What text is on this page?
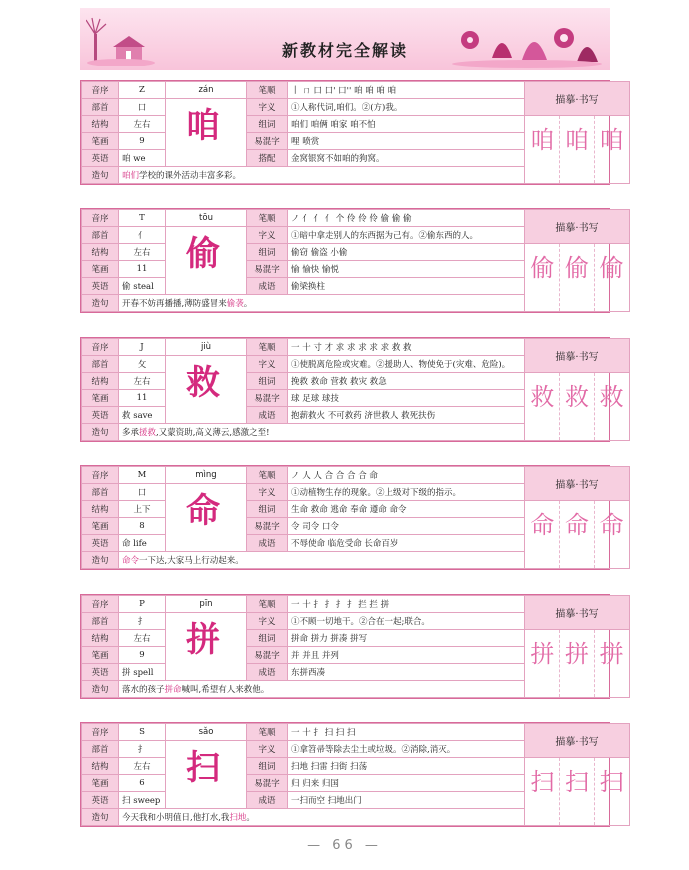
新教材完全解读
音序	Z	zán	笔顺	丨 ㄇ 口 口' 口'' 咱 咱 咱 咱	描摹·书写
部首	口	咱	字义	①人称代词,咱们。②(方)我。	
结构	左右		组词	咱们 咱俩 咱家 咱不怕	咱 咱 咱

笔画	9		易混字	哩 喷赏	
英语	咱 we		搭配	金窝银窝不如咱的狗窝。	
造句	咱们学校的课外活动丰富多彩。				
音序	T	tōu	笔顺	ノ 亻 亻 亻 个 伶 伶 伶 偷 偷 偷	描摹·书写
部首	亻	偷	字义	①暗中拿走别人的东西据为己有。②偷东西的人。	
结构	左右		组词	偷窃 偷盗 小偷	偷 偷 偷

笔画	11		易混字	愉 愉快 愉悦	
英语	偷 steal		成语	偷梁换柱	
造句	开春不妨再播播,薄防盛冒来偷袭。				
音序	J	jiù	笔顺	一 十 寸 才 求 求 求 求 求 救 救	描摹·书写
部首	攵	救	字义	①使脱离危险或灾难。②援助人、物使免于(灾难、危险)。	
结构	左右		组词	挽救 救命 营救 救灾 救急	救 救 救

笔画	11		易混字	球 足球 球技	
英语	救 save		成语	抱薪救火 不可救药 济世救人 救死扶伤	
造句	多承援救,又蒙资助,高义薄云,感激之至!				
音序	M	mìng	笔顺	ノ 人 人 合 合 合 合 命	描摹·书写
部首	口	命	字义	①动植物生存的现象。②上级对下级的指示。	
结构	上下		组词	生命 救命 逃命 奉命 遵命 命令	命 命 命

笔画	8		易混字	令 司令 口令	
英语	命 life		成语	不辱使命 临危受命 长命百岁	
造句	命令一下达,大家马上行动起来。				
音序	P	pīn	笔顺	一 十 扌 扌 扌 扌 拦 拦 拼	描摹·书写
部首	扌	拼	字义	①不顾一切地干。②合在一起;联合。	
结构	左右		组词	拼命 拼力 拼凑 拼写	拼 拼 拼

笔画	9		易混字	并 并且 并列	
英语	拼 spell		成语	东拼西凑	
造句	落水的孩子拼命喊叫,希望有人来救他。				
音序	S	sǎo	笔顺	一 十 扌 扫 扫 扫	描摹·书写
部首	扌	扫	字义	①拿笤帚等除去尘土或垃圾。②消除,消灭。	
结构	左右		组词	扫地 扫雷 扫街 扫荡	扫 扫 扫

笔画	6		易混字	归 归来 归国	
英语	扫 sweep		成语	一扫而空 扫地出门	
造句	今天我和小明值日,他打水,我扫地。				
— 66 —
